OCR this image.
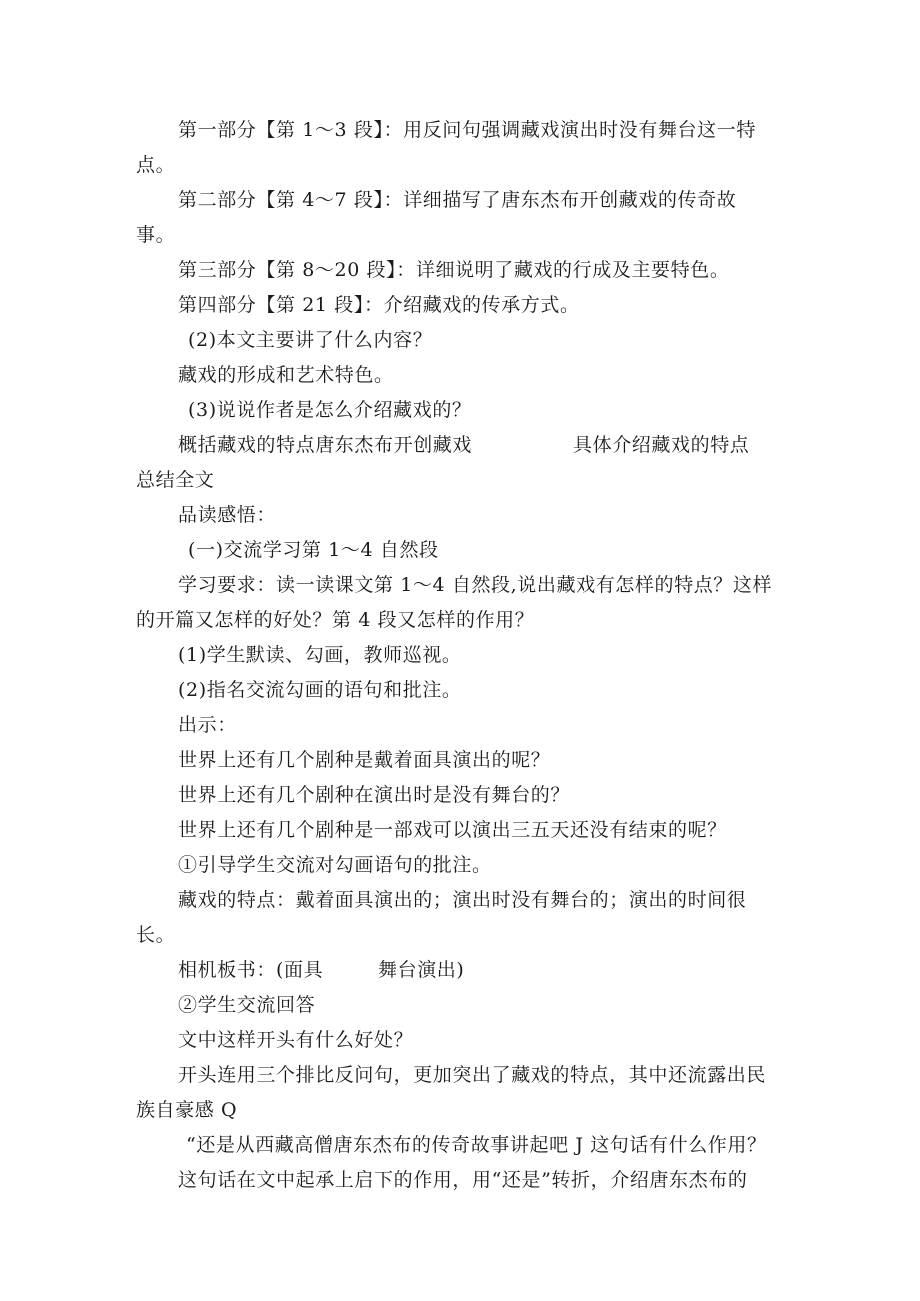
第一部分【第 1～3 段】：用反问句强调藏戏演出时没有舞台这一特
点。
第二部分【第 4～7 段】：详细描写了唐东杰布开创藏戏的传奇故
事。
第三部分【第 8～20 段】：详细说明了藏戏的行成及主要特色。
第四部分【第 21 段】：介绍藏戏的传承方式。
(2)本文主要讲了什么内容？
藏戏的形成和艺术特色。
(3)说说作者是怎么介绍藏戏的？
概括藏戏的特点唐东杰布开创藏戏	具体介绍藏戏的特点
总结全文
品读感悟：
(一)交流学习第 1～4 自然段
学习要求：读一读课文第 1～4 自然段,说出藏戏有怎样的特点？这样
的开篇又怎样的好处？第 4 段又怎样的作用？
(1)学生默读、勾画，教师巡视。
(2)指名交流勾画的语句和批注。
出示：
世界上还有几个剧种是戴着面具演出的呢？
世界上还有几个剧种在演出时是没有舞台的？
世界上还有几个剧种是一部戏可以演出三五天还没有结束的呢？
①引导学生交流对勾画语句的批注。
藏戏的特点：戴着面具演出的；演出时没有舞台的；演出的时间很
长。
相机板书：(面具	舞台演出)
②学生交流回答
文中这样开头有什么好处？
开头连用三个排比反问句，更加突出了藏戏的特点，其中还流露出民
族自豪感 Q
“还是从西藏高僧唐东杰布的传奇故事讲起吧 J 这句话有什么作用？
这句话在文中起承上启下的作用，用“还是”转折，介绍唐东杰布的
